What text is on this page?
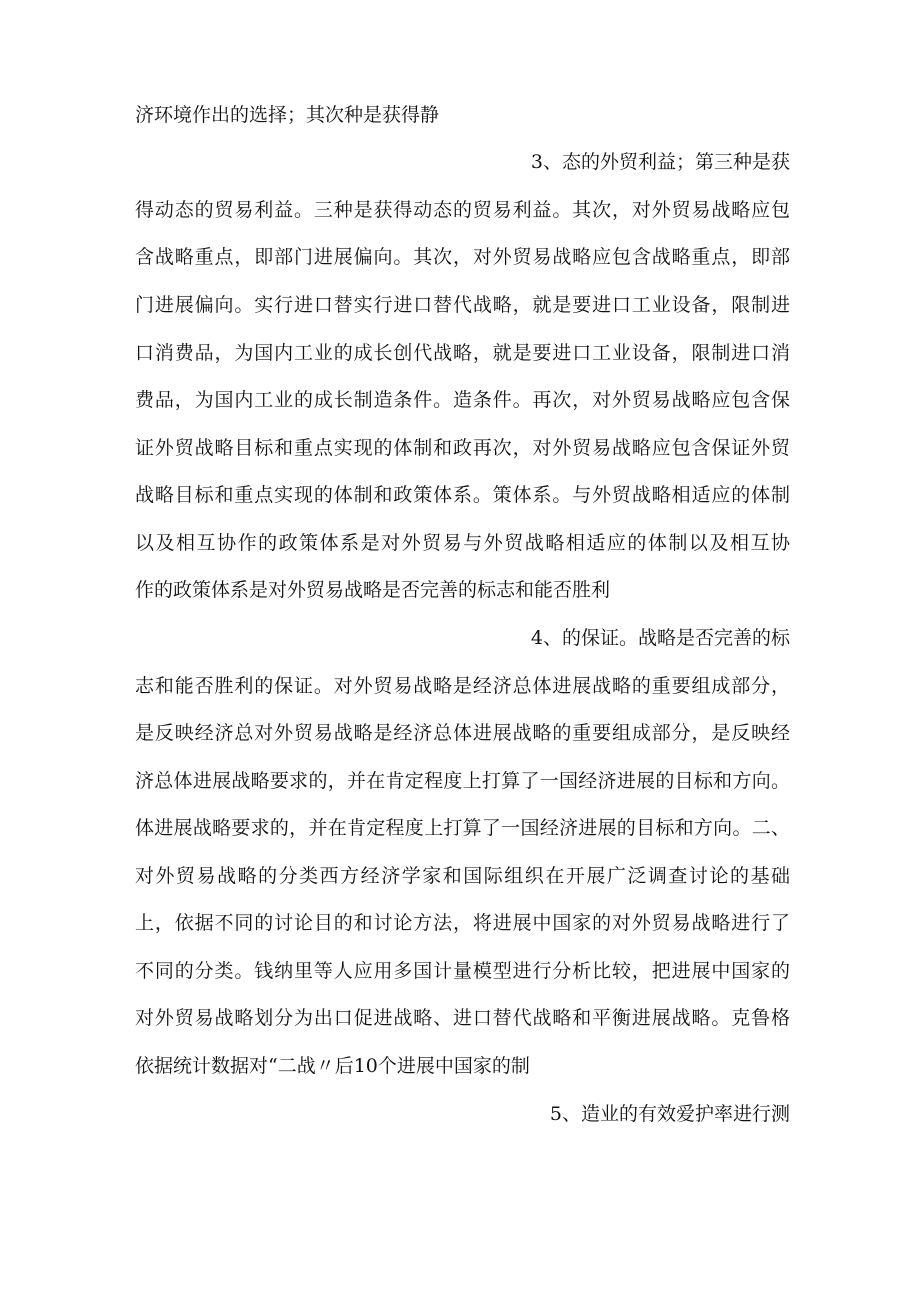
济环境作出的选择；其次种是获得静
3、态的外贸利益；第三种是获
得动态的贸易利益。三种是获得动态的贸易利益。其次，对外贸易战略应包
含战略重点，即部门进展偏向。其次，对外贸易战略应包含战略重点，即部
门进展偏向。实行进口替实行进口替代战略，就是要进口工业设备，限制进
口消费品，为国内工业的成长创代战略，就是要进口工业设备，限制进口消
费品，为国内工业的成长制造条件。造条件。再次，对外贸易战略应包含保
证外贸战略目标和重点实现的体制和政再次，对外贸易战略应包含保证外贸
战略目标和重点实现的体制和政策体系。策体系。与外贸战略相适应的体制
以及相互协作的政策体系是对外贸易与外贸战略相适应的体制以及相互协
作的政策体系是对外贸易战略是否完善的标志和能否胜利
4、的保证。战略是否完善的标
志和能否胜利的保证。对外贸易战略是经济总体进展战略的重要组成部分，
是反映经济总对外贸易战略是经济总体进展战略的重要组成部分，是反映经
济总体进展战略要求的，并在肯定程度上打算了一国经济进展的目标和方向。
体进展战略要求的，并在肯定程度上打算了一国经济进展的目标和方向。二、
对外贸易战略的分类西方经济学家和国际组织在开展广泛调查讨论的基础
上，依据不同的讨论目的和讨论方法，将进展中国家的对外贸易战略进行了
不同的分类。钱纳里等人应用多国计量模型进行分析比较，把进展中国家的
对外贸易战略划分为出口促进战略、进口替代战略和平衡进展战略。克鲁格
依据统计数据对“二战〃后10个进展中国家的制
5、造业的有效爱护率进行测
